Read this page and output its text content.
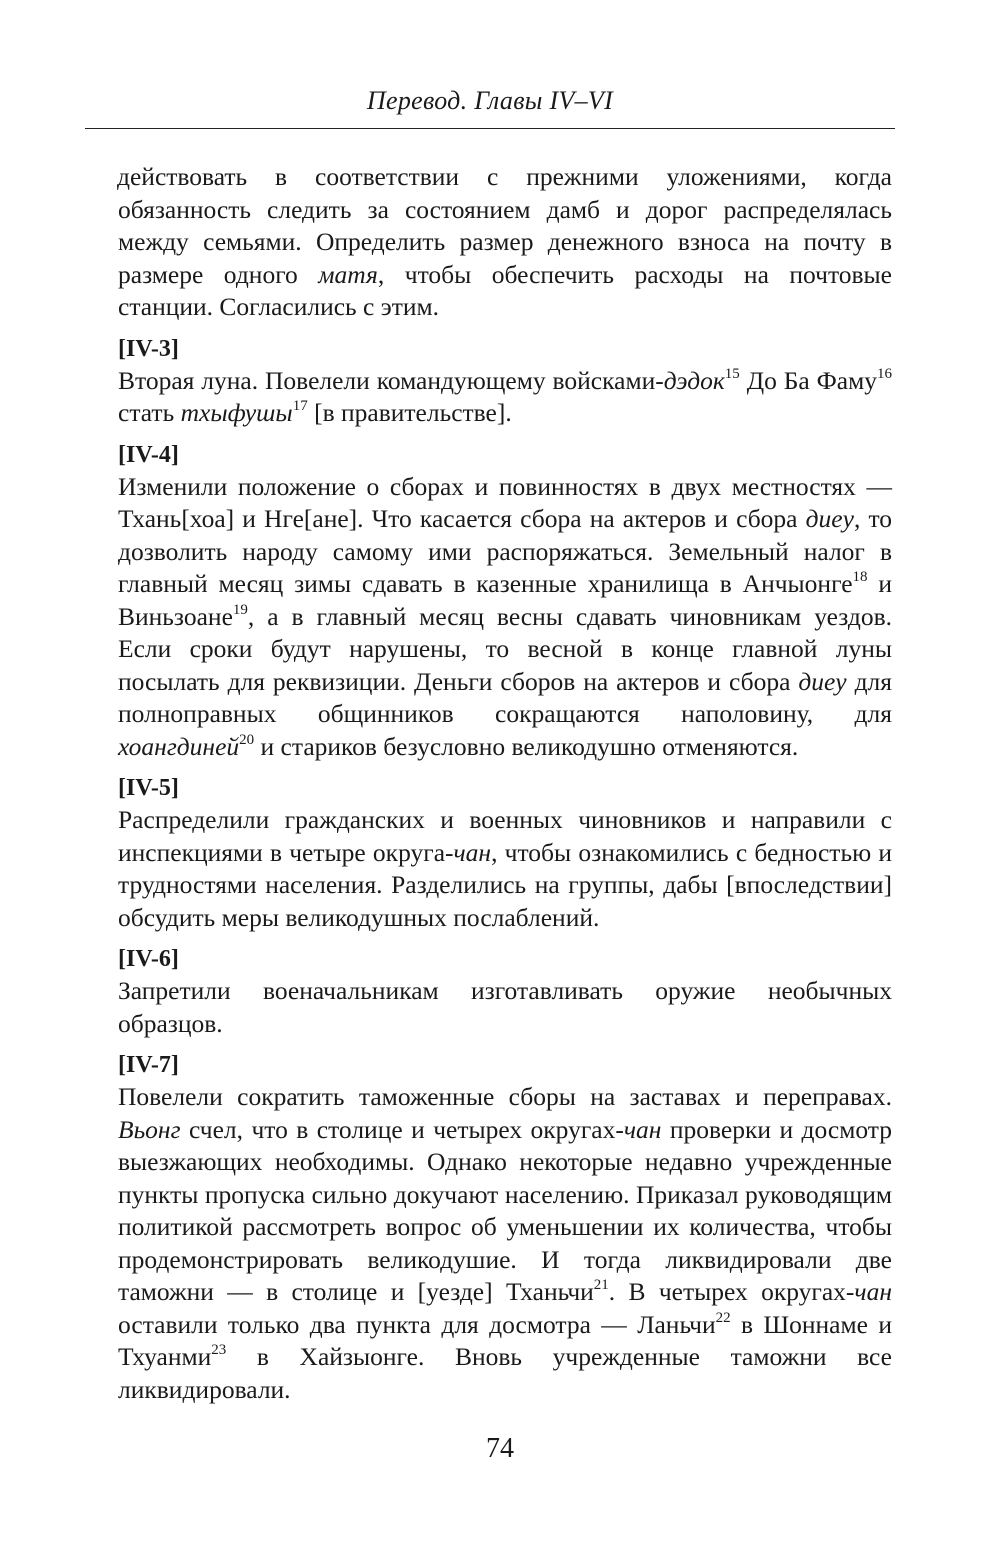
Перевод. Главы IV–VI

действовать в соответствии с прежними уложениями, когда обязанность следить за состоянием дамб и дорог распределялась между семьями. Определить размер денежного взноса на почту в размере одного матя, чтобы обеспечить расходы на почтовые станции. Согласились с этим.

[IV-3]

Вторая луна. Повелели командующему войсками-дэдок$^{15}$ До Ба Фаму$^{16}$ стать тхыфушы$^{17}$ [в правительстве].

[IV-4]

Изменили положение о сборах и повинностях в двух местностях — Тхань[хоа] и Нге[ане]. Что касается сбора на актеров и сбора диеу, то дозволить народу самому ими распоряжаться. Земельный налог в главный месяц зимы сдавать в казенные хранилища в Анчыонге$^{18}$ и Виньзоане$^{19}$, а в главный месяц весны сдавать чиновникам уездов. Если сроки будут нарушены, то весной в конце главной луны посылать для реквизиции. Деньги сборов на актеров и сбора диеу для полноправных общинников сокращаются наполовину, для хоангдиней$^{20}$ и стариков безусловно великодушно отменяются.

[IV-5]

Распределили гражданских и военных чиновников и направили с инспекциями в четыре округа-чан, чтобы ознакомились с бедностью и трудностями населения. Разделились на группы, дабы [впоследствии] обсудить меры великодушных послаблений.

[IV-6]

Запретили военачальникам изготавливать оружие необычных образцов.

[IV-7]

Повелели сократить таможенные сборы на заставах и переправах. Вьонг счел, что в столице и четырех округах-чан проверки и досмотр выезжающих необходимы. Однако некоторые недавно учрежденные пункты пропуска сильно докучают населению. Приказал руководящим политикой рассмотреть вопрос об уменьшении их количества, чтобы продемонстрировать великодушие. И тогда ликвидировали две таможни — в столице и [уезде] Тханьчи$^{21}$. В четырех округах-чан оставили только два пункта для досмотра — Ланьчи$^{22}$ в Шоннаме и Тхуанми$^{23}$ в Хайзыонге. Вновь учрежденные таможни все ликвидировали.

74
